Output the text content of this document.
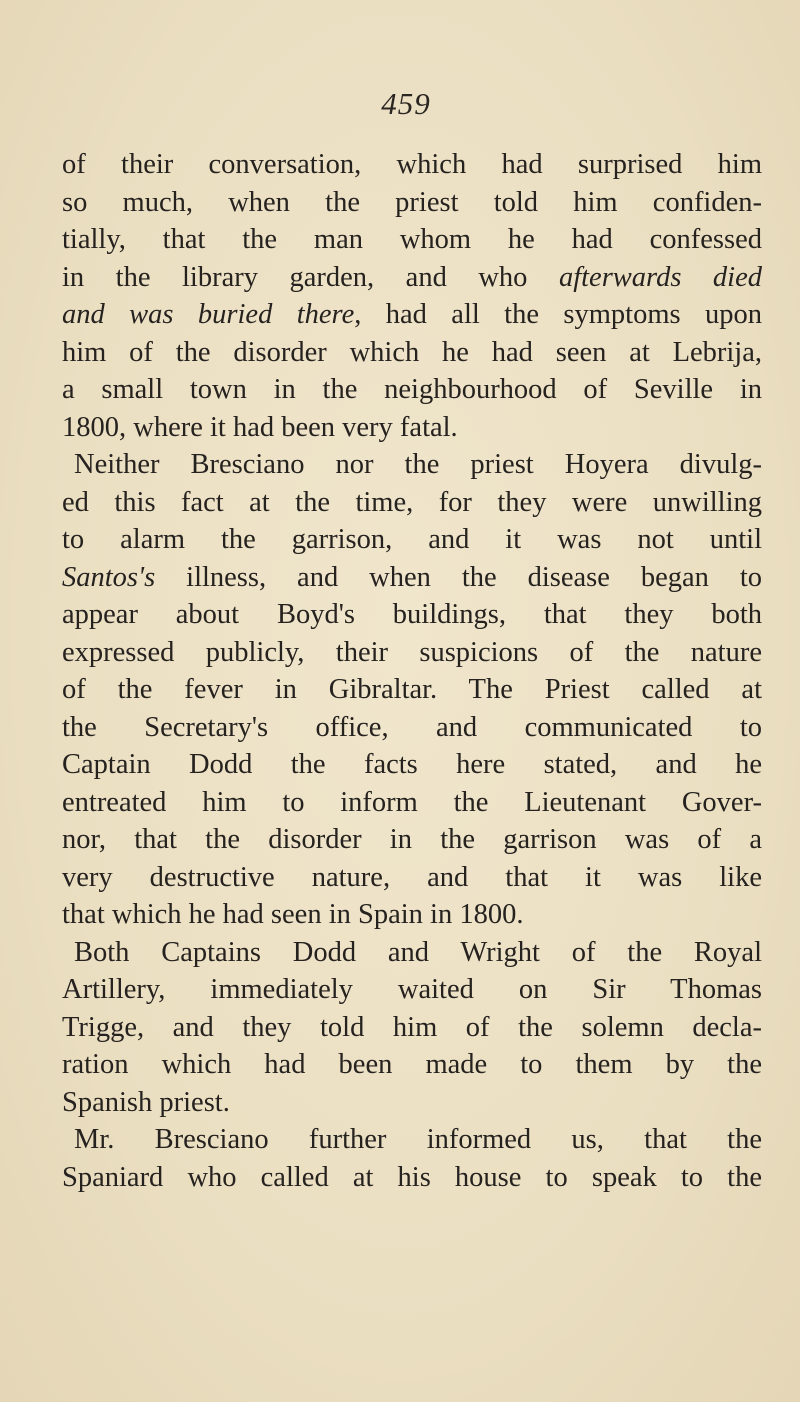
459
of their conversation, which had surprised him
so much, when the priest told him confiden-
tially, that the man whom he had confessed
in the library garden, and who afterwards died
and was buried there, had all the symptoms upon
him of the disorder which he had seen at Lebrija,
a small town in the neighbourhood of Seville in
1800, where it had been very fatal.
Neither Bresciano nor the priest Hoyera divulg-
ed this fact at the time, for they were unwilling
to alarm the garrison, and it was not until
Santos's illness, and when the disease began to
appear about Boyd's buildings, that they both
expressed publicly, their suspicions of the nature
of the fever in Gibraltar. The Priest called at
the Secretary's office, and communicated to
Captain Dodd the facts here stated, and he
entreated him to inform the Lieutenant Gover-
nor, that the disorder in the garrison was of a
very destructive nature, and that it was like
that which he had seen in Spain in 1800.
Both Captains Dodd and Wright of the Royal
Artillery, immediately waited on Sir Thomas
Trigge, and they told him of the solemn decla-
ration which had been made to them by the
Spanish priest.
Mr. Bresciano further informed us, that the
Spaniard who called at his house to speak to the
